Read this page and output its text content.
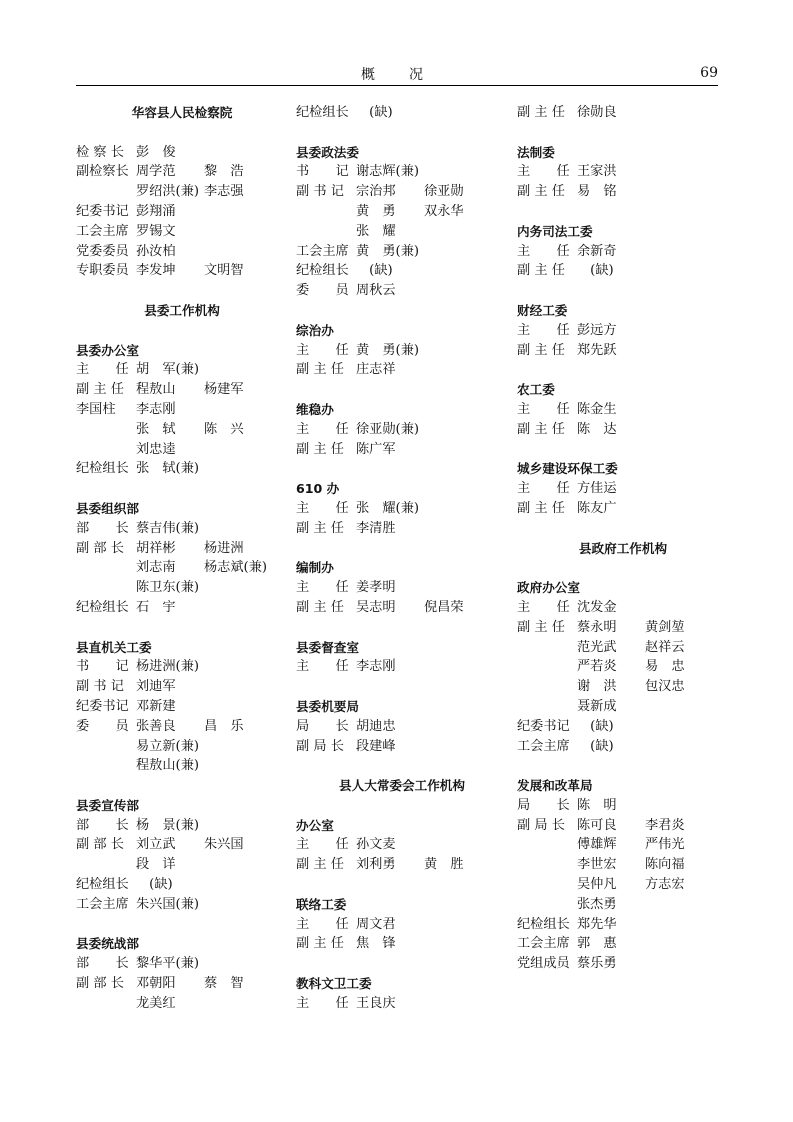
概　况	69
华容县人民检察院
检 察 长 彭　俊
副检察长 周学范 黎　浩
罗绍洪(兼) 李志强
纪委书记 彭翔涌
工会主席 罗锡文
党委委员 孙汝柏
专职委员 李发坤 文明智
县委工作机构
县委办公室
主　　任 胡　军(兼)
副 主 任 程敖山 杨建军
李国柱 李志刚
张　轼 陈　兴
刘忠逵
纪检组长 张　轼(兼)
县委组织部
部　　长 蔡吉伟(兼)
副 部 长 胡祥彬 杨进洲
刘志南 杨志斌(兼)
陈卫东(兼)
纪检组长 石　宇
县直机关工委
书　　记 杨进洲(兼)
副 书 记 刘迪军
纪委书记 邓新建
委　　员 张善良 昌　乐
易立新(兼)
程敖山(兼)
县委宣传部
部　　长 杨　景(兼)
副 部 长 刘立武 朱兴国
段　详
纪检组长　(缺)
工会主席 朱兴国(兼)
县委统战部
部　　长 黎华平(兼)
副 部 长 邓朝阳 蔡　智
龙美红
纪检组长　(缺)
县委政法委
书　　记 谢志辉(兼)
副 书 记 宗治邦 徐亚勋
黄　勇 双永华
张　耀
工会主席 黄　勇(兼)
纪检组长　(缺)
委　　员 周秋云
综治办
主　　任 黄　勇(兼)
副 主 任 庄志祥
维稳办
主　　任 徐亚勋(兼)
副 主 任 陈广军
610 办
主　　任 张　耀(兼)
副 主 任 李清胜
编制办
主　　任 姜孝明
副 主 任 吴志明 倪昌荣
县委督查室
主　　任 李志刚
县委机要局
局　　长 胡迪忠
副 局 长 段建峰
县人大常委会工作机构
办公室
主　　任 孙文麦
副 主 任 刘利勇 黄　胜
联络工委
主　　任 周文君
副 主 任 焦　锋
教科文卫工委
主　　任 王良庆
副 主 任 徐勋良
法制委
主　　任 王家洪
副 主 任 易　铭
内务司法工委
主　　任 余新奇
副 主 任　(缺)
财经工委
主　　任 彭远方
副 主 任 郑先跃
农工委
主　　任 陈金生
副 主 任 陈　达
城乡建设环保工委
主　　任 方佳运
副 主 任 陈友广
县政府工作机构
政府办公室
主　　任 沈发金
副 主 任 蔡永明 黄剑堃
范光武 赵祥云
严若炎 易　忠
谢　洪 包汉忠
聂新成
纪委书记　(缺)
工会主席　(缺)
发展和改革局
局　　长 陈　明
副 局 长 陈可良 李君炎
傅雄辉 严伟光
李世宏 陈向福
吴仲凡 方志宏
张杰勇
纪检组长 郑先华
工会主席 郭　惠
党组成员 蔡乐勇
